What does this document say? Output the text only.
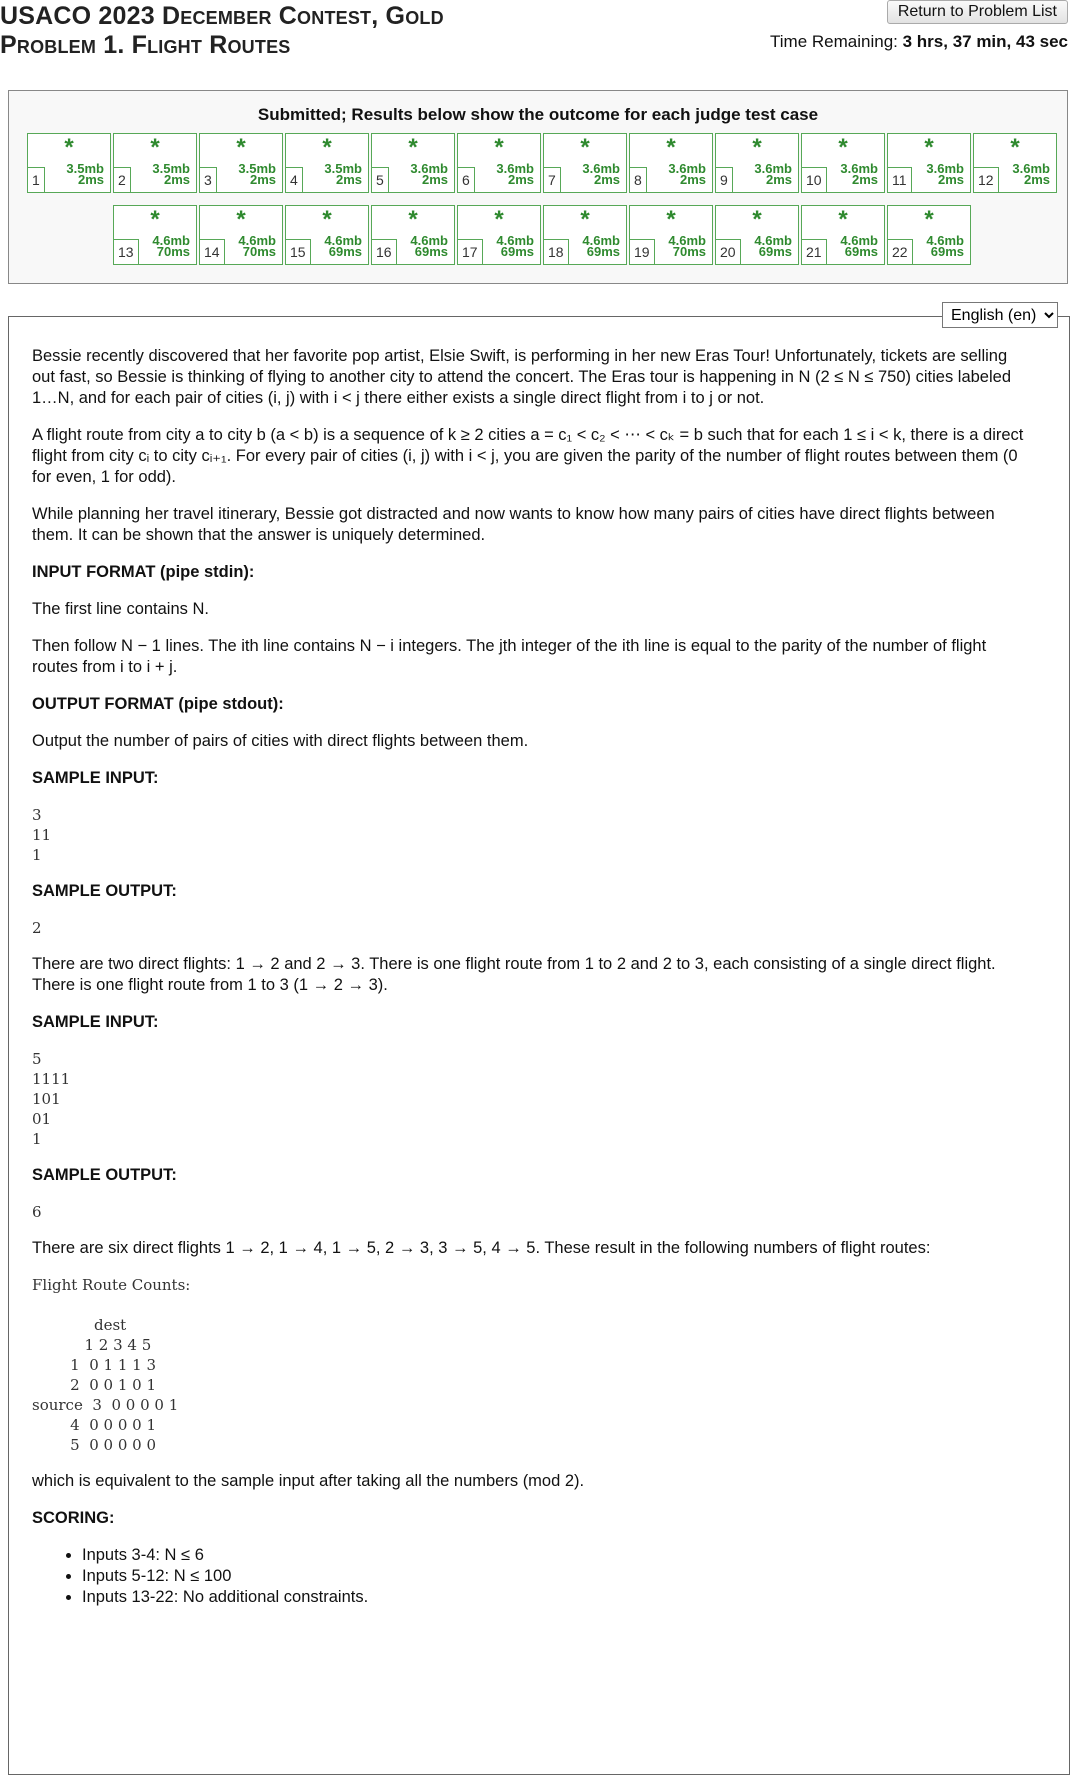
USACO 2023 December Contest, Gold
Problem 1. Flight Routes
Return to Problem List
Time Remaining: 3 hrs, 37 min, 43 sec
Submitted; Results below show the outcome for each judge test case
*
3.5mb
2ms
1
*
3.5mb
2ms
2
*
3.5mb
2ms
3
*
3.5mb
2ms
4
*
3.6mb
2ms
5
*
3.6mb
2ms
6
*
3.6mb
2ms
7
*
3.6mb
2ms
8
*
3.6mb
2ms
9
*
3.6mb
2ms
10
*
3.6mb
2ms
11
*
3.6mb
2ms
12
*
4.6mb
70ms
13
*
4.6mb
70ms
14
*
4.6mb
69ms
15
*
4.6mb
69ms
16
*
4.6mb
69ms
17
*
4.6mb
69ms
18
*
4.6mb
70ms
19
*
4.6mb
69ms
20
*
4.6mb
69ms
21
*
4.6mb
69ms
22
English (en)

Bessie recently discovered that her favorite pop artist, Elsie Swift, is performing in her new Eras Tour! Unfortunately, tickets are selling out fast, so Bessie is thinking of flying to another city to attend the concert. The Eras tour is happening in N (2 ≤ N ≤ 750) cities labeled 1…N, and for each pair of cities (i, j) with i < j there either exists a single direct flight from i to j or not.

A flight route from city a to city b (a < b) is a sequence of k ≥ 2 cities a = c₁ < c₂ < ⋯ < cₖ = b such that for each 1 ≤ i < k, there is a direct flight from city cᵢ to city cᵢ₊₁. For every pair of cities (i, j) with i < j, you are given the parity of the number of flight routes between them (0 for even, 1 for odd).

While planning her travel itinerary, Bessie got distracted and now wants to know how many pairs of cities have direct flights between them. It can be shown that the answer is uniquely determined.

INPUT FORMAT (pipe stdin):

The first line contains N.

Then follow N − 1 lines. The ith line contains N − i integers. The jth integer of the ith line is equal to the parity of the number of flight routes from i to i + j.

OUTPUT FORMAT (pipe stdout):

Output the number of pairs of cities with direct flights between them.

SAMPLE INPUT:
3
11
1
SAMPLE OUTPUT:
2

There are two direct flights: 1 → 2 and 2 → 3. There is one flight route from 1 to 2 and 2 to 3, each consisting of a single direct flight. There is one flight route from 1 to 3 (1 → 2 → 3).

SAMPLE INPUT:
5
1111
101
01
1
SAMPLE OUTPUT:
6

There are six direct flights 1 → 2, 1 → 4, 1 → 5, 2 → 3, 3 → 5, 4 → 5. These result in the following numbers of flight routes:

Flight Route Counts:

dest
1 2 3 4 5

1  0 1 1 1 3
2  0 0 1 0 1
source  3  0 0 0 0 1
4  0 0 0 0 1
5  0 0 0 0 0

which is equivalent to the sample input after taking all the numbers (mod 2).

SCORING:
• Inputs 3-4: N ≤ 6
• Inputs 5-12: N ≤ 100
• Inputs 13-22: No additional constraints.
